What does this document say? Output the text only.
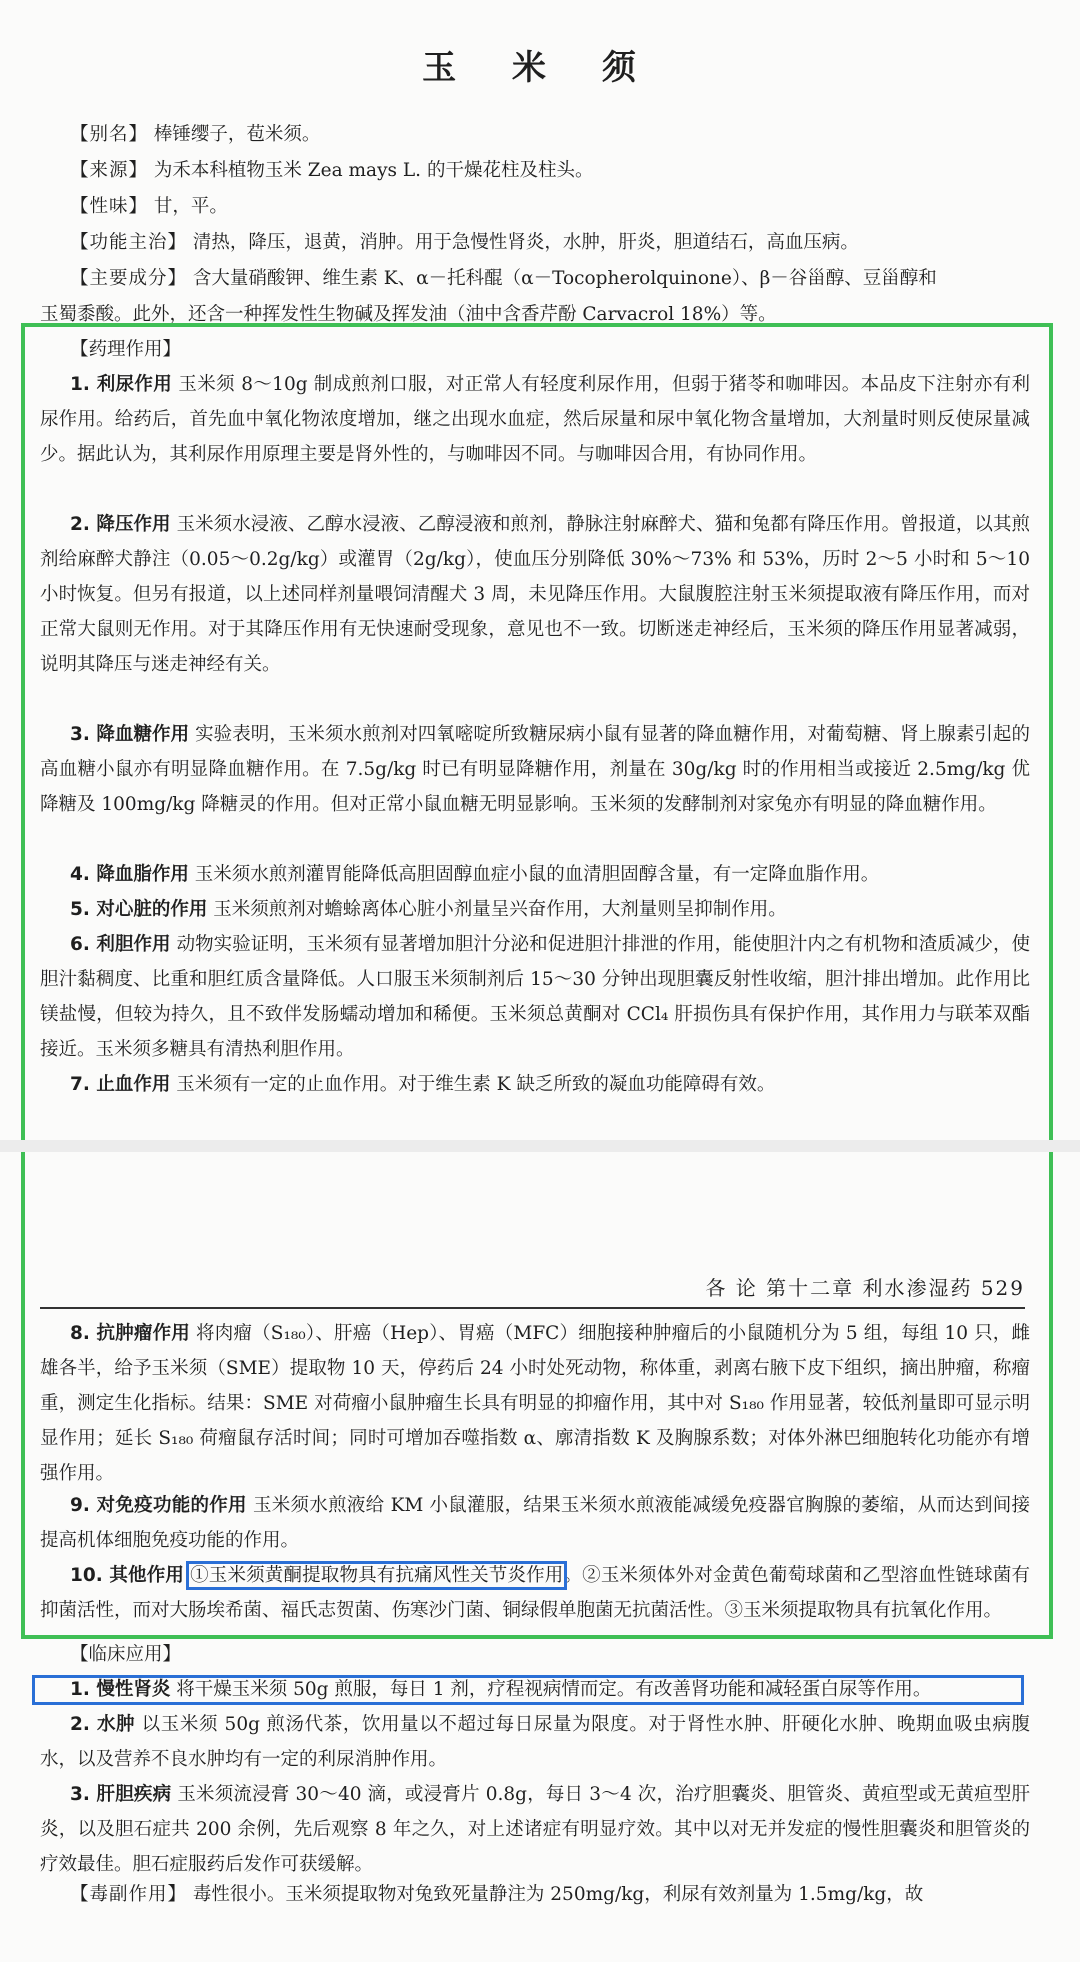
玉 米 须
【别名】 棒锤缨子，苞米须。
【来源】 为禾本科植物玉米 Zea mays L. 的干燥花柱及柱头。
【性味】 甘，平。
【功能主治】 清热，降压，退黄，消肿。用于急慢性肾炎，水肿，肝炎，胆道结石，高血压病。
【主要成分】 含大量硝酸钾、维生素 K、α－托科醌（α－Tocopherolquinone）、β－谷甾醇、豆甾醇和
玉蜀黍酸。此外，还含一种挥发性生物碱及挥发油（油中含香芹酚 Carvacrol 18%）等。
【药理作用】
1. 利尿作用 玉米须 8～10g 制成煎剂口服，对正常人有轻度利尿作用，但弱于猪苓和咖啡因。本品皮下注射亦有利尿作用。给药后，首先血中氧化物浓度增加，继之出现水血症，然后尿量和尿中氧化物含量增加，大剂量时则反使尿量减少。据此认为，其利尿作用原理主要是肾外性的，与咖啡因不同。与咖啡因合用，有协同作用。
2. 降压作用 玉米须水浸液、乙醇水浸液、乙醇浸液和煎剂，静脉注射麻醉犬、猫和兔都有降压作用。曾报道，以其煎剂给麻醉犬静注（0.05～0.2g/kg）或灌胃（2g/kg），使血压分别降低 30%～73% 和 53%，历时 2～5 小时和 5～10 小时恢复。但另有报道，以上述同样剂量喂饲清醒犬 3 周，未见降压作用。大鼠腹腔注射玉米须提取液有降压作用，而对正常大鼠则无作用。对于其降压作用有无快速耐受现象，意见也不一致。切断迷走神经后，玉米须的降压作用显著减弱，说明其降压与迷走神经有关。
3. 降血糖作用 实验表明，玉米须水煎剂对四氧嘧啶所致糖尿病小鼠有显著的降血糖作用，对葡萄糖、肾上腺素引起的高血糖小鼠亦有明显降血糖作用。在 7.5g/kg 时已有明显降糖作用，剂量在 30g/kg 时的作用相当或接近 2.5mg/kg 优降糖及 100mg/kg 降糖灵的作用。但对正常小鼠血糖无明显影响。玉米须的发酵制剂对家兔亦有明显的降血糖作用。
4. 降血脂作用 玉米须水煎剂灌胃能降低高胆固醇血症小鼠的血清胆固醇含量，有一定降血脂作用。
5. 对心脏的作用 玉米须煎剂对蟾蜍离体心脏小剂量呈兴奋作用，大剂量则呈抑制作用。
6. 利胆作用 动物实验证明，玉米须有显著增加胆汁分泌和促进胆汁排泄的作用，能使胆汁内之有机物和渣质减少，使胆汁黏稠度、比重和胆红质含量降低。人口服玉米须制剂后 15～30 分钟出现胆囊反射性收缩，胆汁排出增加。此作用比镁盐慢，但较为持久，且不致伴发肠蠕动增加和稀便。玉米须总黄酮对 CCl₄ 肝损伤具有保护作用，其作用力与联苯双酯接近。玉米须多糖具有清热利胆作用。
7. 止血作用 玉米须有一定的止血作用。对于维生素 K 缺乏所致的凝血功能障碍有效。
各 论 第十二章 利水渗湿药 529
8. 抗肿瘤作用 将肉瘤（S₁₈₀）、肝癌（Hep）、胃癌（MFC）细胞接种肿瘤后的小鼠随机分为 5 组，每组 10 只，雌雄各半，给予玉米须（SME）提取物 10 天，停药后 24 小时处死动物，称体重，剥离右腋下皮下组织，摘出肿瘤，称瘤重，测定生化指标。结果：SME 对荷瘤小鼠肿瘤生长具有明显的抑瘤作用，其中对 S₁₈₀ 作用显著，较低剂量即可显示明显作用；延长 S₁₈₀ 荷瘤鼠存活时间；同时可增加吞噬指数 α、廓清指数 K 及胸腺系数；对体外淋巴细胞转化功能亦有增强作用。
9. 对免疫功能的作用 玉米须水煎液给 KM 小鼠灌服，结果玉米须水煎液能减缓免疫器官胸腺的萎缩，从而达到间接提高机体细胞免疫功能的作用。
10. 其他作用 ①玉米须黄酮提取物具有抗痛风性关节炎作用。②玉米须体外对金黄色葡萄球菌和乙型溶血性链球菌有抑菌活性，而对大肠埃希菌、福氏志贺菌、伤寒沙门菌、铜绿假单胞菌无抗菌活性。③玉米须提取物具有抗氧化作用。
【临床应用】
1. 慢性肾炎 将干燥玉米须 50g 煎服，每日 1 剂，疗程视病情而定。有改善肾功能和减轻蛋白尿等作用。
2. 水肿 以玉米须 50g 煎汤代茶，饮用量以不超过每日尿量为限度。对于肾性水肿、肝硬化水肿、晚期血吸虫病腹水，以及营养不良水肿均有一定的利尿消肿作用。
3. 肝胆疾病 玉米须流浸膏 30～40 滴，或浸膏片 0.8g，每日 3～4 次，治疗胆囊炎、胆管炎、黄疸型或无黄疸型肝炎，以及胆石症共 200 余例，先后观察 8 年之久，对上述诸症有明显疗效。其中以对无并发症的慢性胆囊炎和胆管炎的疗效最佳。胆石症服药后发作可获缓解。
【毒副作用】 毒性很小。玉米须提取物对兔致死量静注为 250mg/kg，利尿有效剂量为 1.5mg/kg，故
